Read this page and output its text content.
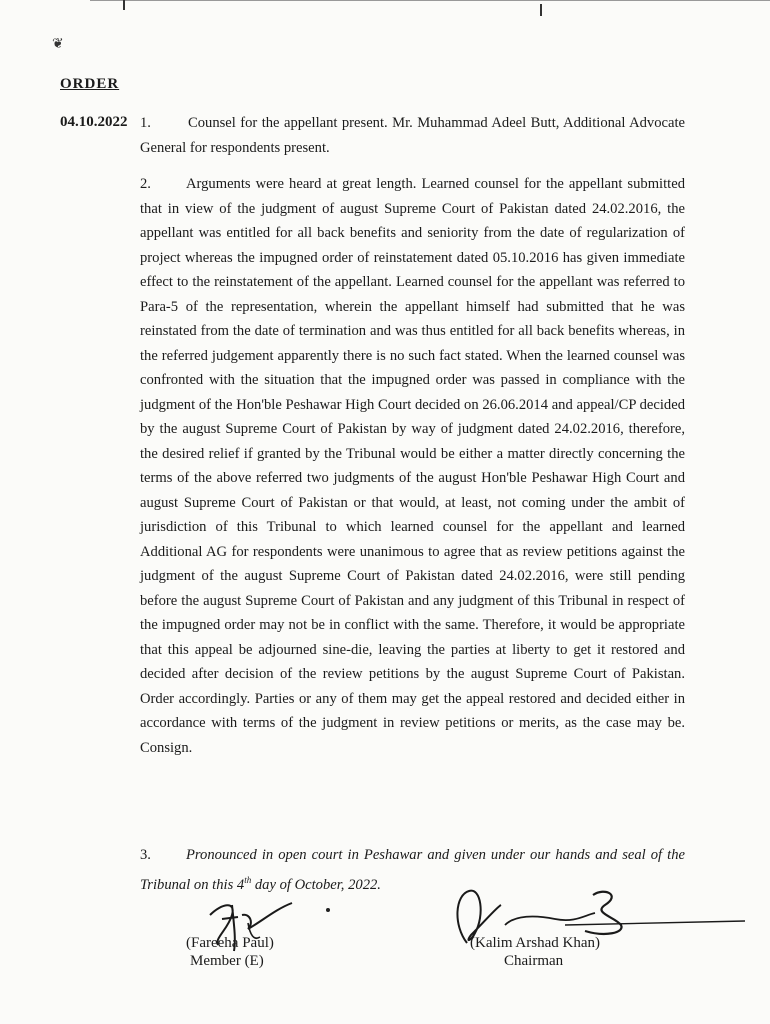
❦
ORDER
04.10.2022 1.	Counsel for the appellant present. Mr. Muhammad Adeel Butt, Additional Advocate General for respondents present.
2. Arguments were heard at great length. Learned counsel for the appellant submitted that in view of the judgment of august Supreme Court of Pakistan dated 24.02.2016, the appellant was entitled for all back benefits and seniority from the date of regularization of project whereas the impugned order of reinstatement dated 05.10.2016 has given immediate effect to the reinstatement of the appellant. Learned counsel for the appellant was referred to Para-5 of the representation, wherein the appellant himself had submitted that he was reinstated from the date of termination and was thus entitled for all back benefits whereas, in the referred judgement apparently there is no such fact stated. When the learned counsel was confronted with the situation that the impugned order was passed in compliance with the judgment of the Hon'ble Peshawar High Court decided on 26.06.2014 and appeal/CP decided by the august Supreme Court of Pakistan by way of judgment dated 24.02.2016, therefore, the desired relief if granted by the Tribunal would be either a matter directly concerning the terms of the above referred two judgments of the august Hon'ble Peshawar High Court and august Supreme Court of Pakistan or that would, at least, not coming under the ambit of jurisdiction of this Tribunal to which learned counsel for the appellant and learned Additional AG for respondents were unanimous to agree that as review petitions against the judgment of the august Supreme Court of Pakistan dated 24.02.2016, were still pending before the august Supreme Court of Pakistan and any judgment of this Tribunal in respect of the impugned order may not be in conflict with the same. Therefore, it would be appropriate that this appeal be adjourned sine-die, leaving the parties at liberty to get it restored and decided after decision of the review petitions by the august Supreme Court of Pakistan. Order accordingly. Parties or any of them may get the appeal restored and decided either in accordance with terms of the judgment in review petitions or merits, as the case may be. Consign.
3. Pronounced in open court in Peshawar and given under our hands and seal of the Tribunal on this 4th day of October, 2022.
(Fareeha Paul)
Member (E)
(Kalim Arshad Khan)
Chairman
